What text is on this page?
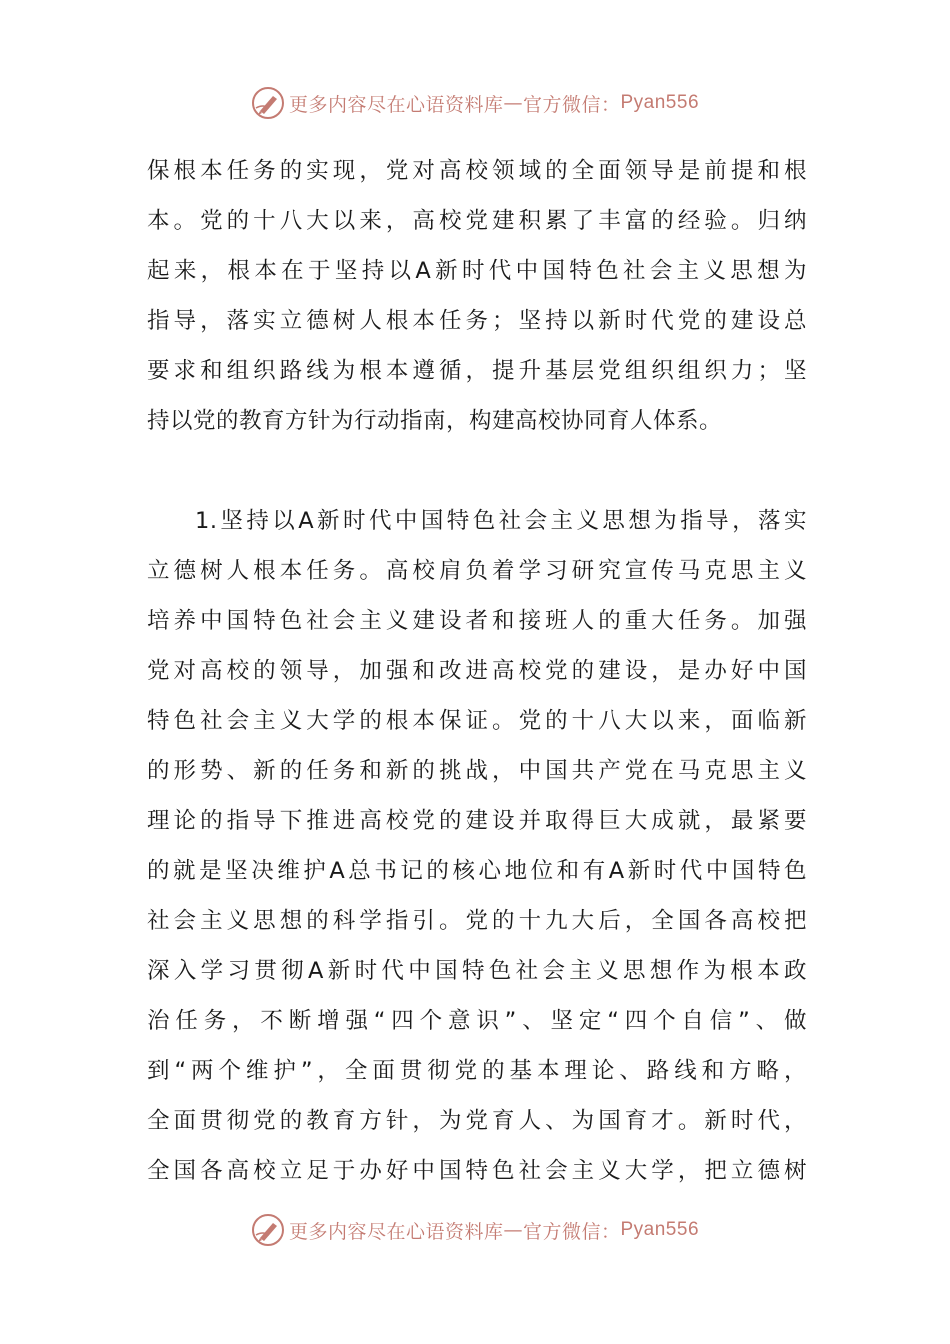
更多内容尽在心语资料库 — 官方微信： Pyan556
保根本任务的实现，党对高校领域的全面领导是前提和根
本。党的十八大以来，高校党建积累了丰富的经验。归纳
起来，根本在于坚持以A新时代中国特色社会主义思想为
指导，落实立德树人根本任务；坚持以新时代党的建设总
要求和组织路线为根本遵循，提升基层党组织组织力；坚
持以党的教育方针为行动指南，构建高校协同育人体系。
1.坚持以A新时代中国特色社会主义思想为指导，落实
立德树人根本任务。高校肩负着学习研究宣传马克思主义
培养中国特色社会主义建设者和接班人的重大任务。加强
党对高校的领导，加强和改进高校党的建设，是办好中国
特色社会主义大学的根本保证。党的十八大以来，面临新
的形势、新的任务和新的挑战，中国共产党在马克思主义
理论的指导下推进高校党的建设并取得巨大成就，最紧要
的就是坚决维护A总书记的核心地位和有A新时代中国特色
社会主义思想的科学指引。党的十九大后，全国各高校把
深入学习贯彻A新时代中国特色社会主义思想作为根本政
治任务，不断增强“四个意识”、坚定“四个自信”、做
到“两个维护”，全面贯彻党的基本理论、路线和方略，
全面贯彻党的教育方针，为党育人、为国育才。新时代，
全国各高校立足于办好中国特色社会主义大学，把立德树
更多内容尽在心语资料库 — 官方微信： Pyan556
